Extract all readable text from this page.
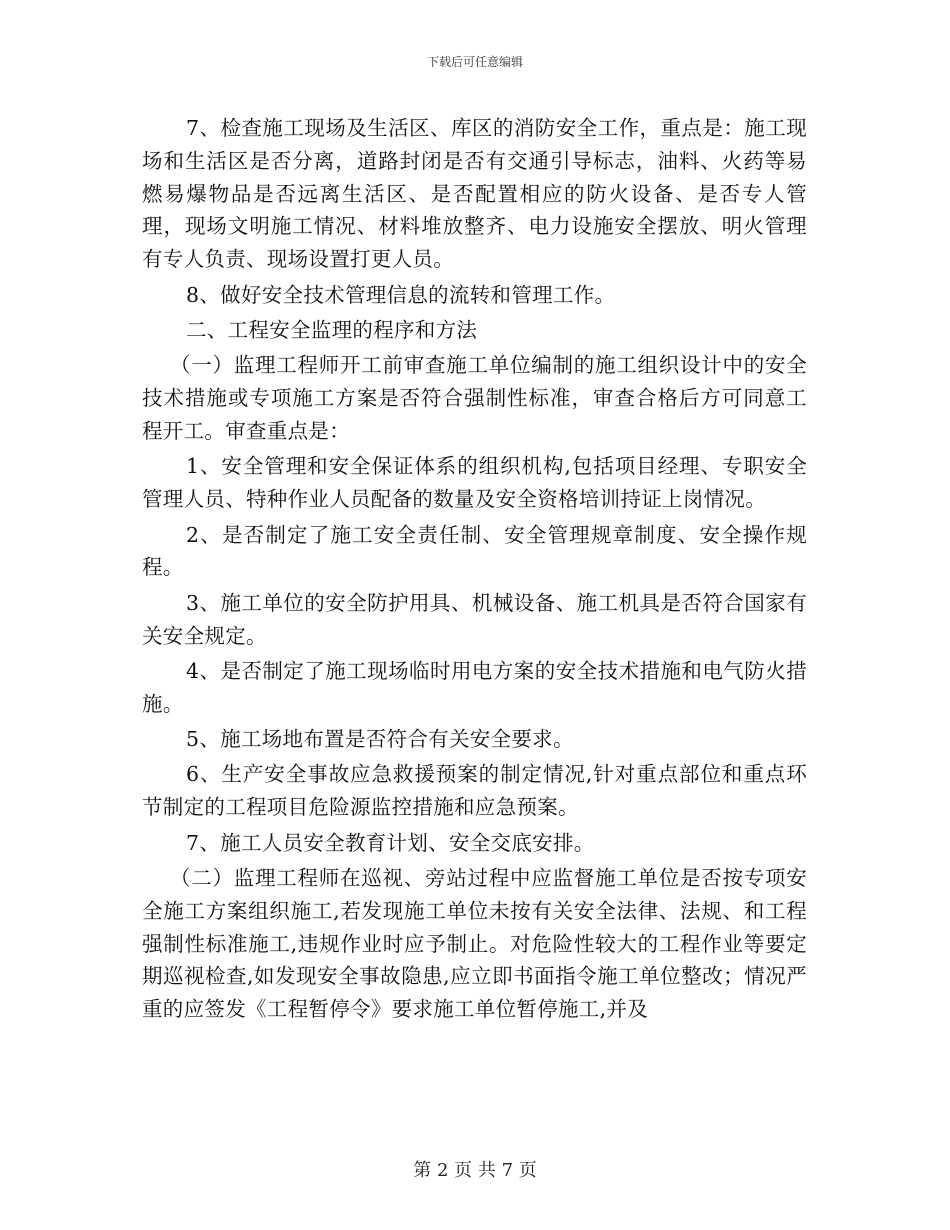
下载后可任意编辑

7、检查施工现场及生活区、库区的消防安全工作，重点是：施工现场和生活区是否分离，道路封闭是否有交通引导标志，油料、火药等易燃易爆物品是否远离生活区、是否配置相应的防火设备、是否专人管理，现场文明施工情况、材料堆放整齐、电力设施安全摆放、明火管理有专人负责、现场设置打更人员。

8、做好安全技术管理信息的流转和管理工作。

二、工程安全监理的程序和方法

（一）监理工程师开工前审查施工单位编制的施工组织设计中的安全技术措施或专项施工方案是否符合强制性标准，审查合格后方可同意工程开工。审查重点是：

1、安全管理和安全保证体系的组织机构,包括项目经理、专职安全管理人员、特种作业人员配备的数量及安全资格培训持证上岗情况。

2、是否制定了施工安全责任制、安全管理规章制度、安全操作规程。

3、施工单位的安全防护用具、机械设备、施工机具是否符合国家有关安全规定。

4、是否制定了施工现场临时用电方案的安全技术措施和电气防火措施。

5、施工场地布置是否符合有关安全要求。

6、生产安全事故应急救援预案的制定情况,针对重点部位和重点环节制定的工程项目危险源监控措施和应急预案。

7、施工人员安全教育计划、安全交底安排。

（二）监理工程师在巡视、旁站过程中应监督施工单位是否按专项安全施工方案组织施工,若发现施工单位未按有关安全法律、法规、和工程强制性标准施工,违规作业时应予制止。对危险性较大的工程作业等要定期巡视检查,如发现安全事故隐患,应立即书面指令施工单位整改；情况严重的应签发《工程暂停令》要求施工单位暂停施工,并及

第 2 页 共 7 页
